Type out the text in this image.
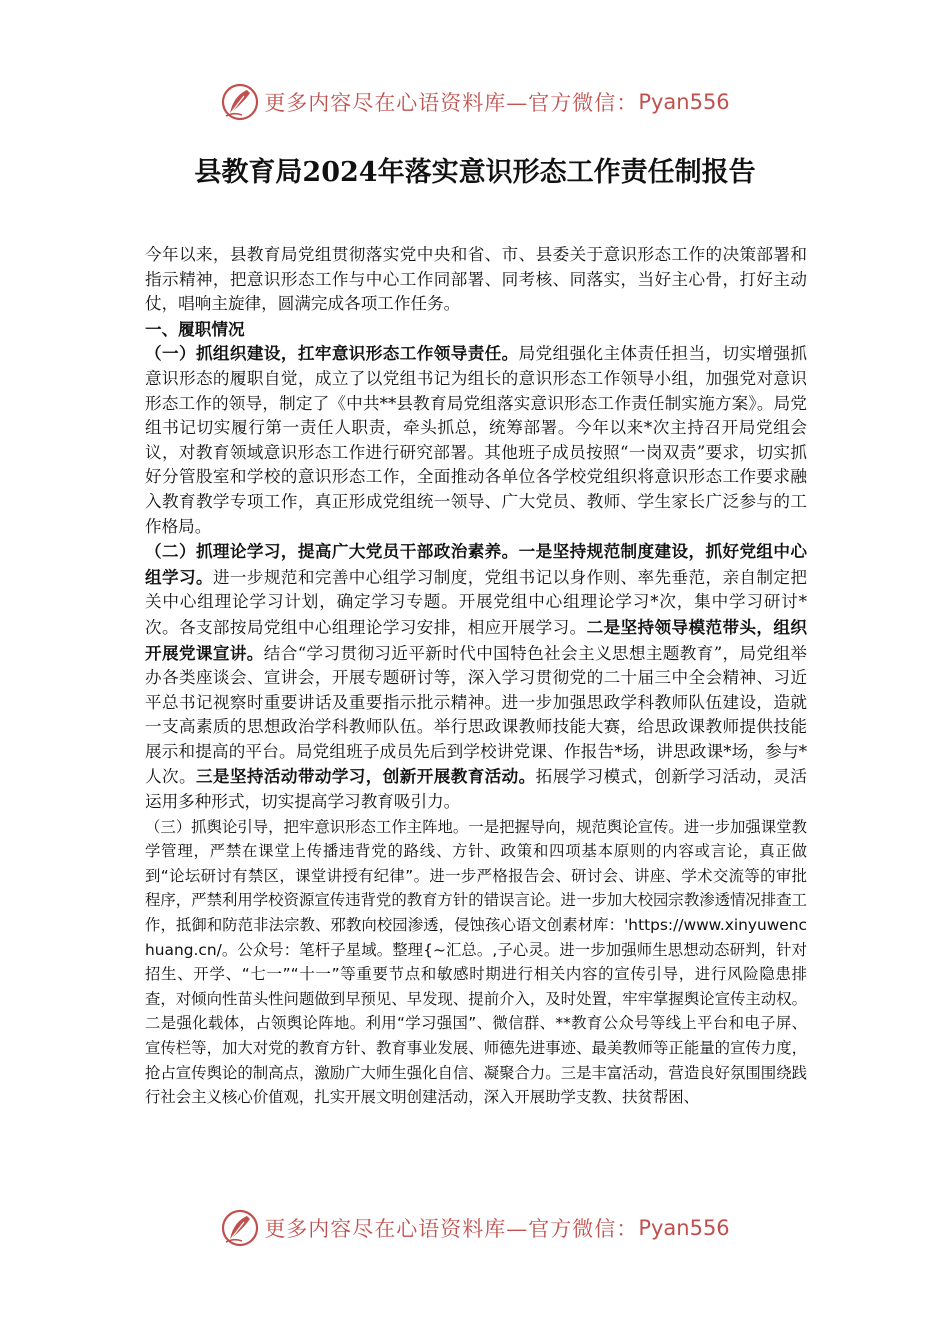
更多内容尽在心语资料库—官方微信： Pyan556
县教育局2024年落实意识形态工作责任制报告

今年以来，县教育局党组贯彻落实党中央和省、市、县委关于意识形态工作的决策部署和指示精神，把意识形态工作与中心工作同部署、同考核、同落实，当好主心骨，打好主动仗，唱响主旋律，圆满完成各项工作任务。

一、履职情况

（一）抓组织建设，扛牢意识形态工作领导责任。局党组强化主体责任担当，切实增强抓意识形态的履职自觉，成立了以党组书记为组长的意识形态工作领导小组，加强党对意识形态工作的领导，制定了《中共**县教育局党组落实意识形态工作责任制实施方案》。局党组书记切实履行第一责任人职责，牵头抓总，统筹部署。今年以来*次主持召开局党组会议，对教育领域意识形态工作进行研究部署。其他班子成员按照“一岗双责”要求，切实抓好分管股室和学校的意识形态工作，全面推动各单位各学校党组织将意识形态工作要求融入教育教学专项工作，真正形成党组统一领导、广大党员、教师、学生家长广泛参与的工作格局。

（二）抓理论学习，提高广大党员干部政治素养。一是坚持规范制度建设，抓好党组中心组学习。进一步规范和完善中心组学习制度，党组书记以身作则、率先垂范，亲自制定把关中心组理论学习计划，确定学习专题。开展党组中心组理论学习*次，集中学习研讨*次。各支部按局党组中心组理论学习安排，相应开展学习。二是坚持领导模范带头，组织开展党课宣讲。结合“学习贯彻习近平新时代中国特色社会主义思想主题教育”，局党组举办各类座谈会、宣讲会，开展专题研讨等，深入学习贯彻党的二十届三中全会精神、习近平总书记视察时重要讲话及重要指示批示精神。进一步加强思政学科教师队伍建设，造就一支高素质的思想政治学科教师队伍。举行思政课教师技能大赛，给思政课教师提供技能展示和提高的平台。局党组班子成员先后到学校讲党课、作报告*场，讲思政课*场，参与*人次。三是坚持活动带动学习，创新开展教育活动。拓展学习模式，创新学习活动，灵活运用多种形式，切实提高学习教育吸引力。

（三）抓舆论引导，把牢意识形态工作主阵地。一是把握导向，规范舆论宣传。进一步加强课堂教学管理，严禁在课堂上传播违背党的路线、方针、政策和四项基本原则的内容或言论，真正做到“论坛研讨有禁区，课堂讲授有纪律”。进一步严格报告会、研讨会、讲座、学术交流等的审批程序，严禁利用学校资源宣传违背党的教育方针的错误言论。进一步加大校园宗教渗透情况排查工作，抵御和防范非法宗教、邪教向校园渗透，侵蚀孩心语文创素材库：'https://www.xinyuwenchuang.cn/。公众号：笔杆子星域。整理{~汇总。,子心灵。进一步加强师生思想动态研判，针对招生、开学、“七一”“十一”等重要节点和敏感时期进行相关内容的宣传引导，进行风险隐患排查，对倾向性苗头性问题做到早预见、早发现、提前介入，及时处置，牢牢掌握舆论宣传主动权。二是强化载体，占领舆论阵地。利用“学习强国”、微信群、**教育公众号等线上平台和电子屏、宣传栏等，加大对党的教育方针、教育事业发展、师德先进事迹、最美教师等正能量的宣传力度，抢占宣传舆论的制高点，激励广大师生强化自信、凝聚合力。三是丰富活动，营造良好氛围围绕践行社会主义核心价值观，扎实开展文明创建活动，深入开展助学支教、扶贫帮困、

更多内容尽在心语资料库—官方微信： Pyan556
